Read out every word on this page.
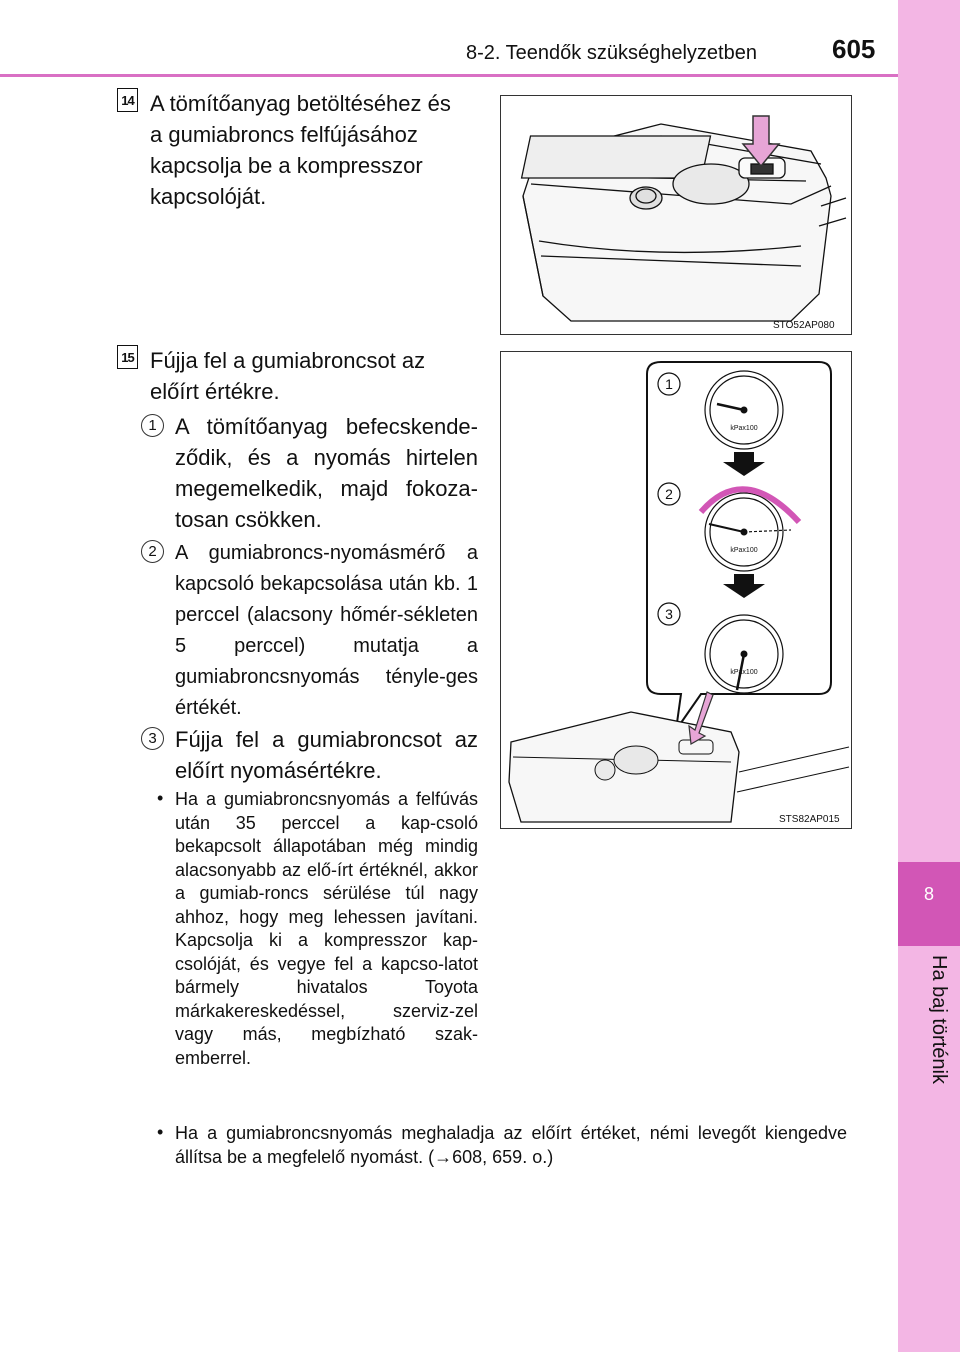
8-2. Teendők szükséghelyzetben	605
8
Ha baj történik
14 A tömítőanyag betöltéséhez és
a gumiabroncs felfújásához
kapcsolja be a kompresszor
kapcsolóját.
STO52AP080
15 Fújja fel a gumiabroncsot az
előírt értékre.
1 A tömítőanyag befecskende-ződik, és a nyomás hirtelen megemelkedik, majd fokoza-tosan csökken.
2 A gumiabroncs-nyomásmérő a kapcsoló bekapcsolása után kb. 1 perccel (alacsony hőmér-sékleten 5 perccel) mutatja a gumiabroncsnyomás tényle-ges értékét.
3 Fújja fel a gumiabroncsot az előírt nyomásértékre.
• Ha a gumiabroncsnyomás a felfúvás után 35 perccel a kap-csoló bekapcsolt állapotában még mindig alacsonyabb az elő-írt értéknél, akkor a gumiab-roncs sérülése túl nagy ahhoz, hogy meg lehessen javítani. Kapcsolja ki a kompresszor kap-csolóját, és vegye fel a kapcso-latot bármely hivatalos Toyota márkakereskedéssel, szerviz-zel vagy más, megbízható szak-emberrel.
• Ha a gumiabroncsnyomás meghaladja az előírt értéket, némi levegőt kiengedve állítsa be a megfelelő nyomást. (→608, 659. o.)
kPax100
kPax100
kPax100
1
2
3
STS82AP015
